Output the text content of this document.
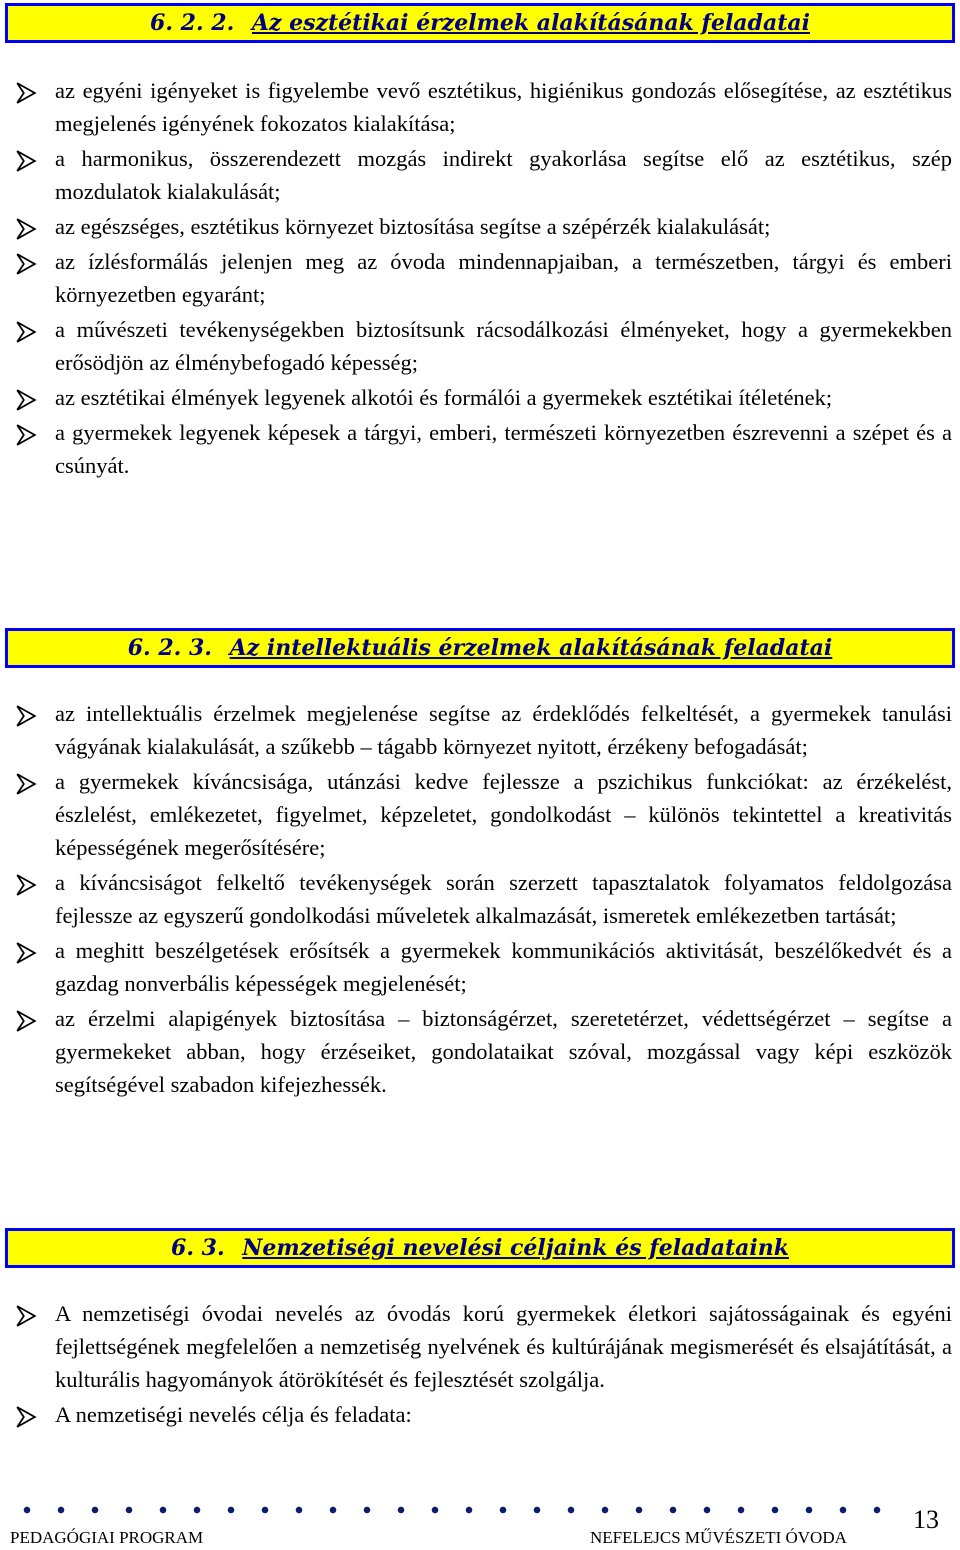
6. 2. 2. Az esztétikai érzelmek alakításának feladatai
az egyéni igényeket is figyelembe vevő esztétikus, higiénikus gondozás elősegítése, az esztétikus megjelenés igényének fokozatos kialakítása;
a harmonikus, összerendezett mozgás indirekt gyakorlása segítse elő az esztétikus, szép mozdulatok kialakulását;
az egészséges, esztétikus környezet biztosítása segítse a szépérzék kialakulását;
az ízlésformálás jelenjen meg az óvoda mindennapjaiban, a természetben, tárgyi és emberi környezetben egyaránt;
a művészeti tevékenységekben biztosítsunk rácsodálkozási élményeket, hogy a gyermekekben erősödjön az élménybefogadó képesség;
az esztétikai élmények legyenek alkotói és formálói a gyermekek esztétikai ítéletének;
a gyermekek legyenek képesek a tárgyi, emberi, természeti környezetben észrevenni a szépet és a csúnyát.
6. 2. 3. Az intellektuális érzelmek alakításának feladatai
az intellektuális érzelmek megjelenése segítse az érdeklődés felkeltését, a gyermekek tanulási vágyának kialakulását, a szűkebb – tágabb környezet nyitott, érzékeny befogadását;
a gyermekek kíváncsisága, utánzási kedve fejlessze a pszichikus funkciókat: az érzékelést, észlelést, emlékezetet, figyelmet, képzeletet, gondolkodást – különös tekintettel a kreativitás képességének megerősítésére;
a kíváncsiságot felkeltő tevékenységek során szerzett tapasztalatok folyamatos feldolgozása fejlessze az egyszerű gondolkodási műveletek alkalmazását, ismeretek emlékezetben tartását;
a meghitt beszélgetések erősítsék a gyermekek kommunikációs aktivitását, beszélőkedvét és a gazdag nonverbális képességek megjelenését;
az érzelmi alapigények biztosítása – biztonságérzet, szeretetérzet, védettségérzet – segítse a gyermekeket abban, hogy érzéseiket, gondolataikat szóval, mozgással vagy képi eszközök segítségével szabadon kifejezhessék.
6. 3. Nemzetiségi nevelési céljaink és feladataink
A nemzetiségi óvodai nevelés az óvodás korú gyermekek életkori sajátosságainak és egyéni fejlettségének megfelelően a nemzetiség nyelvének és kultúrájának megismerését és elsajátítását, a kulturális hagyományok átörökítését és fejlesztését szolgálja.
A nemzetiségi nevelés célja és feladata:
13
PEDAGÓGIAI PROGRAM	NEFELEJCS MŰVÉSZETI ÓVODA
